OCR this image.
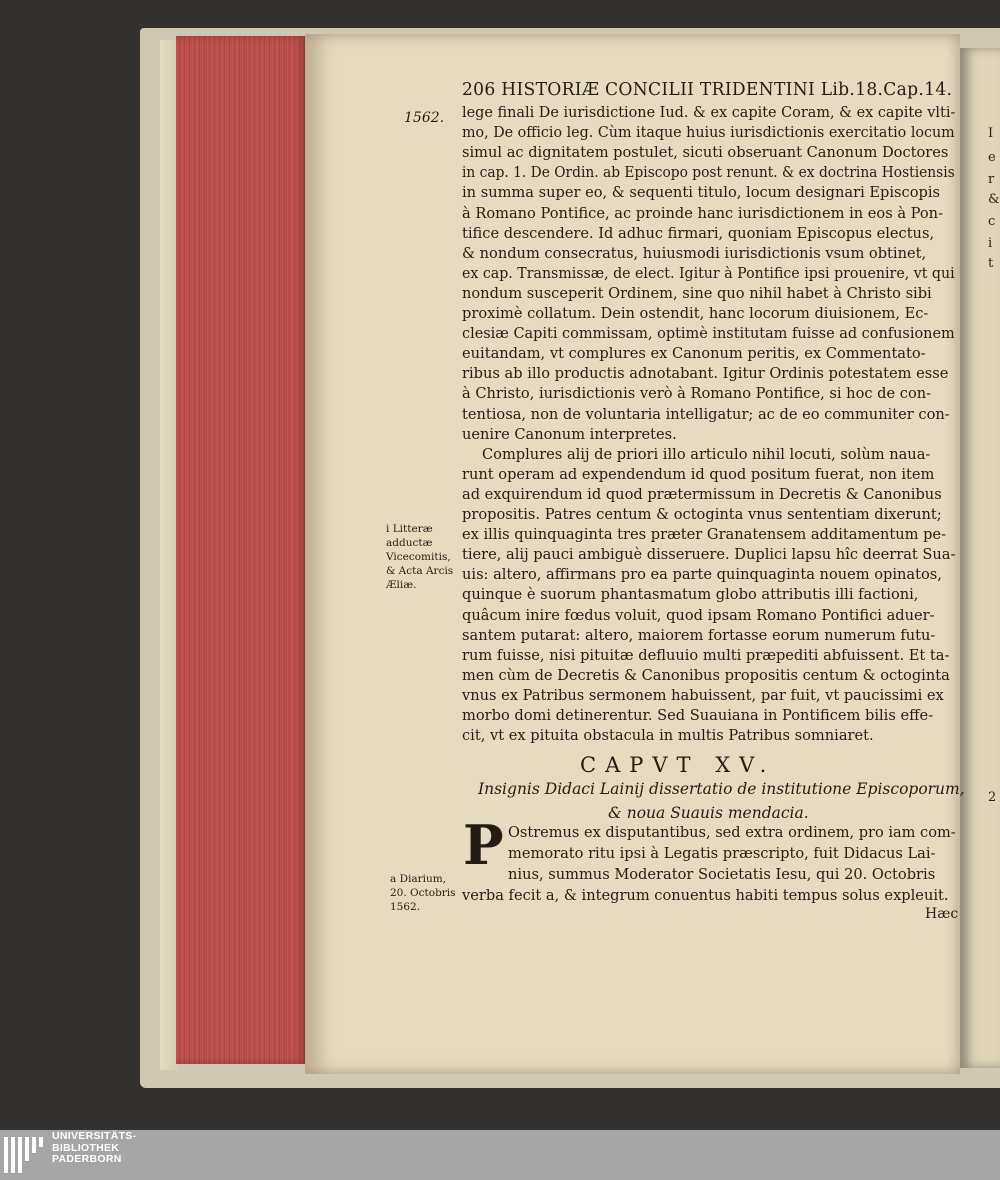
206 HISTORIÆ CONCILII TRIDENTINI Lib.18.Cap.14.
1562. lege finali De iurisdictione Iud. & ex capite Coram, & ex capite vlti-
mo, De officio leg. Cùm itaque huius iurisdictionis exercitatio locum
simul ac dignitatem postulet, sicuti obseruant Canonum Doctores
in cap. 1. De Ordin. ab Episcopo post renunt. & ex doctrina Hostiensis
in summa super eo, & sequenti titulo, locum designari Episcopis
à Romano Pontifice, ac proinde hanc iurisdictionem in eos à Pon-
tifice descendere. Id adhuc firmari, quoniam Episcopus electus,
& nondum consecratus, huiusmodi iurisdictionis vsum obtinet,
ex cap. Transmissæ, de elect. Igitur à Pontifice ipsi prouenire, vt qui
nondum susceperit Ordinem, sine quo nihil habet à Christo sibi
proximè collatum. Dein ostendit, hanc locorum diuisionem, Ec-
clesiæ Capiti commissam, optimè institutam fuisse ad confusionem
euitandam, vt complures ex Canonum peritis, ex Commentato-
ribus ab illo productis adnotabant. Igitur Ordinis potestatem esse
à Christo, iurisdictionis verò à Romano Pontifice, si hoc de con-
tentiosa, non de voluntaria intelligatur; ac de eo communiter con-
uenire Canonum interpretes.
Complures alij de priori illo articulo nihil locuti, solùm naua-
runt operam ad expendendum id quod positum fuerat, non item
ad exquirendum id quod prætermissum in Decretis & Canonibus
propositis. Patres centum & octoginta vnus sententiam dixerunt;
ex illis quinquaginta tres præter Granatensem additamentum pe-
tiere, alij pauci ambiguè disseruere. Duplici lapsu hîc deerrat Sua-
uis: altero, affirmans pro ea parte quinquaginta nouem opinatos,
quinque è suorum phantasmatum globo attributis illi factioni,
quâcum inire fœdus voluit, quod ipsam Romano Pontifici aduer-
santem putarat: altero, maiorem fortasse eorum numerum futu-
rum fuisse, nisi pituitæ defluuio multi præpediti abfuissent. Et ta-
men cùm de Decretis & Canonibus propositis centum & octoginta
vnus ex Patribus sermonem habuissent, par fuit, vt paucissimi ex
morbo domi detinerentur. Sed Suauiana in Pontificem bilis effe-
cit, vt ex pituita obstacula in multis Patribus somniaret.
i Litteræ adductæ Vicecomitis, & Acta Arcis Æliæ.
CAPVT XV.
Insignis Didaci Lainij dissertatio de institutione Episcoporum,
& noua Suauis mendacia.
P Ostremus ex disputantibus, sed extra ordinem, pro iam com-
memorato ritu ipsi à Legatis præscripto, fuit Didacus Lai-
nius, summus Moderator Societatis Iesu, qui 20. Octobris
verba fecit a, & integrum conuentus habiti tempus solus expleuit.
a Diarium, 20. Octobris 1562.	Hæc
I
e
r
&
c
i
t
2
UNIVERSITÄTS-
BIBLIOTHEK
PADERBORN
